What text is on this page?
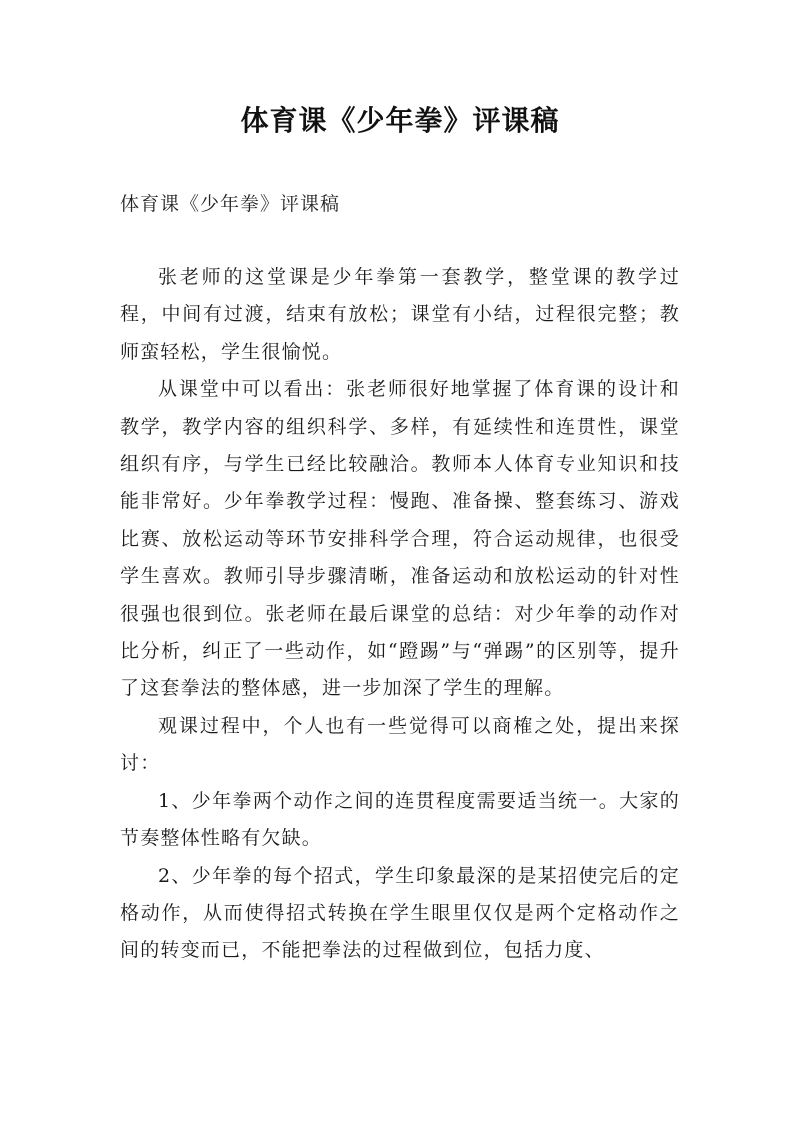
体育课《少年拳》评课稿

体育课《少年拳》评课稿

张老师的这堂课是少年拳第一套教学，整堂课的教学过程，中间有过渡，结束有放松；课堂有小结，过程很完整；教师蛮轻松，学生很愉悦。

从课堂中可以看出：张老师很好地掌握了体育课的设计和教学，教学内容的组织科学、多样，有延续性和连贯性，课堂组织有序，与学生已经比较融洽。教师本人体育专业知识和技能非常好。少年拳教学过程：慢跑、准备操、整套练习、游戏比赛、放松运动等环节安排科学合理，符合运动规律，也很受学生喜欢。教师引导步骤清晰，准备运动和放松运动的针对性很强也很到位。张老师在最后课堂的总结：对少年拳的动作对比分析，纠正了一些动作，如“蹬踢”与“弹踢”的区别等，提升了这套拳法的整体感，进一步加深了学生的理解。

观课过程中，个人也有一些觉得可以商榷之处，提出来探讨：

1、少年拳两个动作之间的连贯程度需要适当统一。大家的节奏整体性略有欠缺。

2、少年拳的每个招式，学生印象最深的是某招使完后的定格动作，从而使得招式转换在学生眼里仅仅是两个定格动作之间的转变而已，不能把拳法的过程做到位，包括力度、
